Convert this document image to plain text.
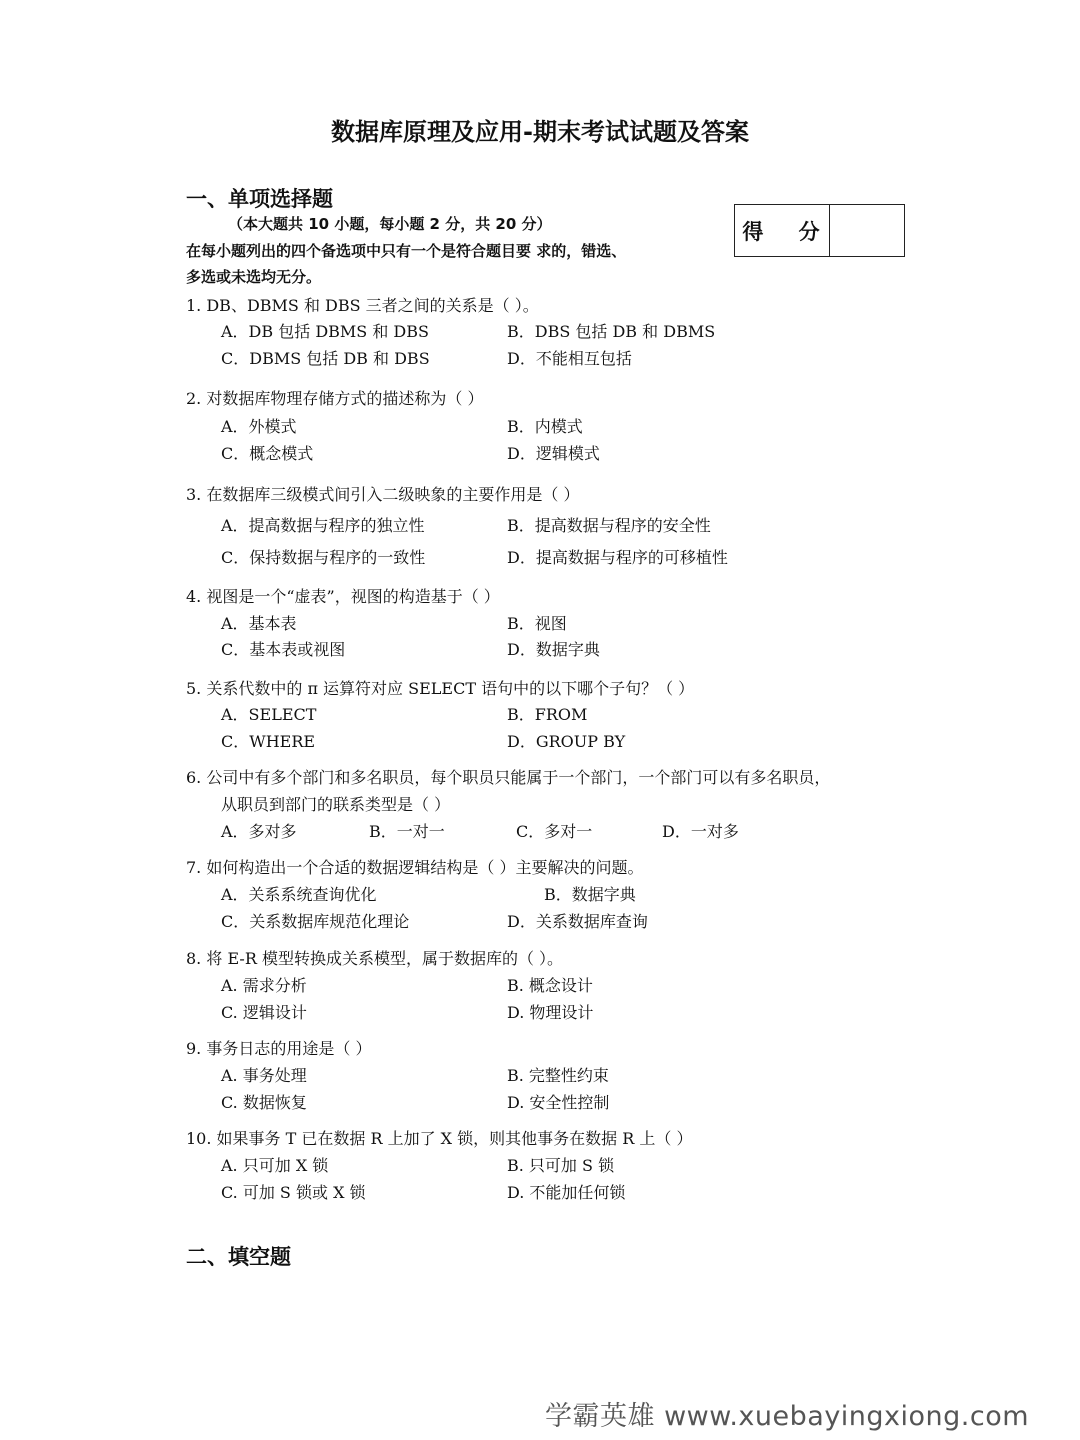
数据库原理及应用-期末考试试题及答案
一、单项选择题
（本大题共 10 小题，每小题 2 分，共 20 分）
在每小题列出的四个备选项中只有一个是符合题目要 求的，错选、
多选或未选均无分。
得 分
1. DB、DBMS 和 DBS 三者之间的关系是（ ）。
A．DB 包括 DBMS 和 DBS	B．DBS 包括 DB 和 DBMS
C．DBMS 包括 DB 和 DBS	D．不能相互包括
2. 对数据库物理存储方式的描述称为（ ）
A．外模式	B．内模式
C．概念模式	D．逻辑模式
3. 在数据库三级模式间引入二级映象的主要作用是（ ）
A．提高数据与程序的独立性	B．提高数据与程序的安全性
C．保持数据与程序的一致性	D．提高数据与程序的可移植性
4. 视图是一个“虚表”，视图的构造基于（ ）
A．基本表	B．视图
C．基本表或视图	D．数据字典
5. 关系代数中的 π 运算符对应 SELECT 语句中的以下哪个子句？（ ）
A．SELECT	B．FROM
C．WHERE	D．GROUP BY
6. 公司中有多个部门和多名职员，每个职员只能属于一个部门，一个部门可以有多名职员，
从职员到部门的联系类型是（ ）
A．多对多	B．一对一	C．多对一	D．一对多
7. 如何构造出一个合适的数据逻辑结构是（ ）主要解决的问题。
A．关系系统查询优化	B．数据字典
C．关系数据库规范化理论	D．关系数据库查询
8. 将 E-R 模型转换成关系模型，属于数据库的（ ）。
A. 需求分析	B. 概念设计
C. 逻辑设计	D. 物理设计
9. 事务日志的用途是（ ）
A. 事务处理	B. 完整性约束
C. 数据恢复	D. 安全性控制
10. 如果事务 T 已在数据 R 上加了 X 锁，则其他事务在数据 R 上（ ）
A. 只可加 X 锁	B. 只可加 S 锁
C. 可加 S 锁或 X 锁	D. 不能加任何锁
二、填空题
学霸英雄 www.xuebayingxiong.com
